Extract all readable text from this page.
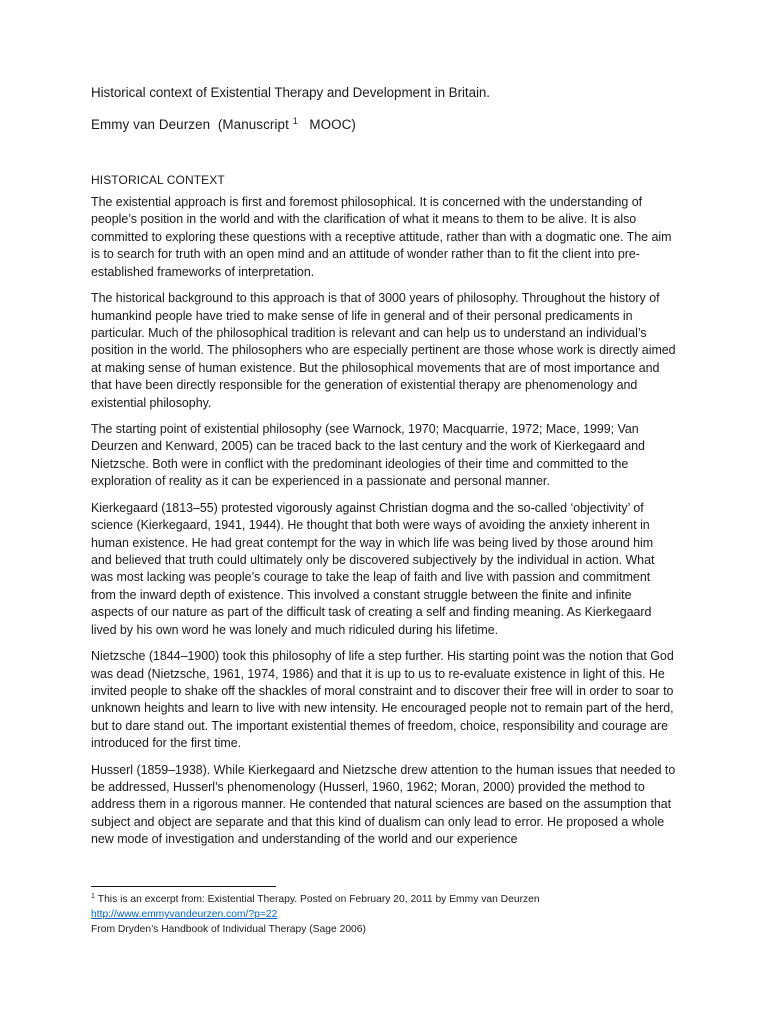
Historical context of Existential Therapy and Development in Britain.
Emmy van Deurzen (Manuscript $^1$ MOOC)
HISTORICAL CONTEXT

The existential approach is first and foremost philosophical. It is concerned with the understanding of people’s position in the world and with the clarification of what it means to them to be alive. It is also committed to exploring these questions with a receptive attitude, rather than with a dogmatic one. The aim is to search for truth with an open mind and an attitude of wonder rather than to fit the client into pre-established frameworks of interpretation.

The historical background to this approach is that of 3000 years of philosophy. Throughout the history of humankind people have tried to make sense of life in general and of their personal predicaments in particular. Much of the philosophical tradition is relevant and can help us to understand an individual’s position in the world. The philosophers who are especially pertinent are those whose work is directly aimed at making sense of human existence. But the philosophical movements that are of most importance and that have been directly responsible for the generation of existential therapy are phenomenology and existential philosophy.

The starting point of existential philosophy (see Warnock, 1970; Macquarrie, 1972; Mace, 1999; Van Deurzen and Kenward, 2005) can be traced back to the last century and the work of Kierkegaard and Nietzsche. Both were in conflict with the predominant ideologies of their time and committed to the exploration of reality as it can be experienced in a passionate and personal manner.

Kierkegaard (1813–55) protested vigorously against Christian dogma and the so-called ‘objectivity’ of science (Kierkegaard, 1941, 1944). He thought that both were ways of avoiding the anxiety inherent in human existence. He had great contempt for the way in which life was being lived by those around him and believed that truth could ultimately only be discovered subjectively by the individual in action. What was most lacking was people’s courage to take the leap of faith and live with passion and commitment from the inward depth of existence. This involved a constant struggle between the finite and infinite aspects of our nature as part of the difficult task of creating a self and finding meaning. As Kierkegaard lived by his own word he was lonely and much ridiculed during his lifetime.

Nietzsche (1844–1900) took this philosophy of life a step further. His starting point was the notion that God was dead (Nietzsche, 1961, 1974, 1986) and that it is up to us to re-evaluate existence in light of this. He invited people to shake off the shackles of moral constraint and to discover their free will in order to soar to unknown heights and learn to live with new intensity. He encouraged people not to remain part of the herd, but to dare stand out. The important existential themes of freedom, choice, responsibility and courage are introduced for the first time.

Husserl (1859–1938). While Kierkegaard and Nietzsche drew attention to the human issues that needed to be addressed, Husserl’s phenomenology (Husserl, 1960, 1962; Moran, 2000) provided the method to address them in a rigorous manner. He contended that natural sciences are based on the assumption that subject and object are separate and that this kind of dualism can only lead to error. He proposed a whole new mode of investigation and understanding of the world and our experience

$^1$ This is an excerpt from: Existential Therapy. Posted on February 20, 2011 by Emmy van Deurzen
http://www.emmyvandeurzen.com/?p=22
From Dryden’s Handbook of Individual Therapy (Sage 2006)
